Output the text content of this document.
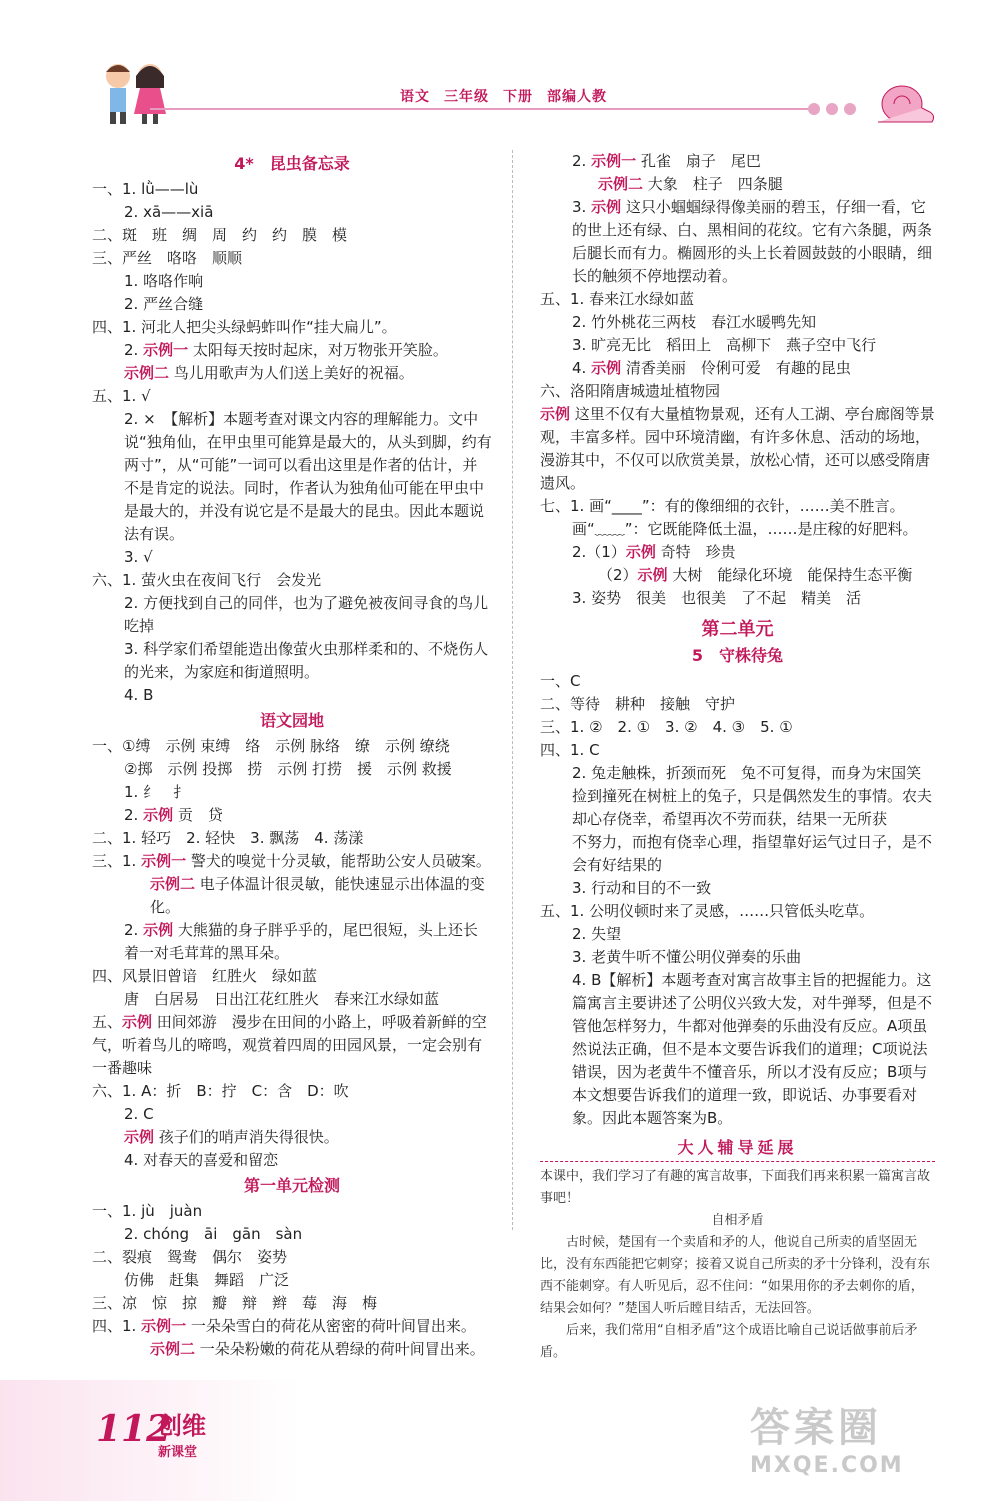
语文 三年级 下册 部编人教
4*　昆虫备忘录
一、1. lǜ——lù
2. xā——xiā
二、斑　班　绸　周　约　约　膜　模
三、严丝　咯咯　顺顺
1. 咯咯作响
2. 严丝合缝
四、1. 河北人把尖头绿蚂蚱叫作“挂大扁儿”。
2. 示例一 太阳每天按时起床，对万物张开笑脸。
示例二 鸟儿用歌声为人们送上美好的祝福。
五、1. √
2. ×　【解析】本题考查对课文内容的理解能力。文中说“独角仙，在甲虫里可能算是最大的，从头到脚，约有两寸”，从“可能”一词可以看出这里是作者的估计，并不是肯定的说法。同时，作者认为独角仙可能在甲虫中是最大的，并没有说它是不是最大的昆虫。因此本题说法有误。
3. √
六、1. 萤火虫在夜间飞行　会发光
2. 方便找到自己的同伴，也为了避免被夜间寻食的鸟儿吃掉
3. 科学家们希望能造出像萤火虫那样柔和的、不烧伤人的光来，为家庭和街道照明。
4. B
语文园地
一、①缚　示例 束缚　络　示例 脉络　缭　示例 缭绕
②掷　示例 投掷　捞　示例 打捞　援　示例 救援
1. 纟　扌
2. 示例 贡　贷
二、1. 轻巧　2. 轻快　3. 飘荡　4. 荡漾
三、1. 示例一 警犬的嗅觉十分灵敏，能帮助公安人员破案。
示例二 电子体温计很灵敏，能快速显示出体温的变化。
2. 示例 大熊猫的身子胖乎乎的，尾巴很短，头上还长着一对毛茸茸的黑耳朵。
四、风景旧曾谙　红胜火　绿如蓝
唐　白居易　日出江花红胜火　春来江水绿如蓝
五、示例 田间郊游　漫步在田间的小路上，呼吸着新鲜的空气，听着鸟儿的啼鸣，观赏着四周的田园风景，一定会别有一番趣味
六、1. A：折　B：拧　C：含　D：吹
2. C
示例 孩子们的哨声消失得很快。
4. 对春天的喜爱和留恋
第一单元检测
一、1. jù　juàn
2. chóng　āi　gān　sàn
二、裂痕　鸳鸯　偶尔　姿势
仿佛　赶集　舞蹈　广泛
三、凉　惊　掠　瓣　辩　辫　莓　海　梅
四、1. 示例一 一朵朵雪白的荷花从密密的荷叶间冒出来。
示例二 一朵朵粉嫩的荷花从碧绿的荷叶间冒出来。
2. 示例一 孔雀　扇子　尾巴
示例二 大象　柱子　四条腿
3. 示例 这只小蝈蝈绿得像美丽的碧玉，仔细一看，它的世上还有绿、白、黑相间的花纹。它有六条腿，两条后腿长而有力。椭圆形的头上长着圆鼓鼓的小眼睛，细长的触须不停地摆动着。
五、1. 春来江水绿如蓝
2. 竹外桃花三两枝　春江水暖鸭先知
3. 旷亮无比　稻田上　高柳下　燕子空中飞行
4. 示例 清香美丽　伶俐可爱　有趣的昆虫
六、洛阳隋唐城遗址植物园
示例 这里不仅有大量植物景观，还有人工湖、亭台廊阁等景观，丰富多样。园中环境清幽，有许多休息、活动的场地，漫游其中，不仅可以欣赏美景，放松心情，还可以感受隋唐遗风。
七、1. 画“____”：有的像细细的衣针，……美不胜言。
画“﹏﹏”：它既能降低土温，……是庄稼的好肥料。
2.（1）示例 奇特　珍贵
（2）示例 大树　能绿化环境　能保持生态平衡
3. 姿势　很美　也很美　了不起　精美　活
第二单元
5　守株待兔
一、C
二、等待　耕种　接触　守护
三、1. ②　2. ①　3. ②　4. ③　5. ①
四、1. C
2. 兔走触株，折颈而死　兔不可复得，而身为宋国笑捡到撞死在树桩上的兔子，只是偶然发生的事情。农夫却心存侥幸，希望再次不劳而获，结果一无所获
不努力，而抱有侥幸心理，指望靠好运气过日子，是不会有好结果的
3. 行动和目的不一致
五、1. 公明仪顿时来了灵感，……只管低头吃草。
2. 失望
3. 老黄牛听不懂公明仪弹奏的乐曲
4. B【解析】本题考查对寓言故事主旨的把握能力。这篇寓言主要讲述了公明仪兴致大发，对牛弹琴，但是不管他怎样努力，牛都对他弹奏的乐曲没有反应。A项虽然说法正确，但不是本文要告诉我们的道理；C项说法错误，因为老黄牛不懂音乐，所以才没有反应；B项与本文想要告诉我们的道理一致，即说话、办事要看对象。因此本题答案为B。
大人辅导延展

本课中，我们学习了有趣的寓言故事，下面我们再来积累一篇寓言故事吧！

自相矛盾

古时候，楚国有一个卖盾和矛的人，他说自己所卖的盾坚固无比，没有东西能把它刺穿；接着又说自己所卖的矛十分锋利，没有东西不能刺穿。有人听见后，忍不住问：“如果用你的矛去刺你的盾，结果会如何？”楚国人听后瞠目结舌，无法回答。

后来，我们常用“自相矛盾”这个成语比喻自己说话做事前后矛盾。

112
创维
新课堂
答案圈
MXQE.COM
